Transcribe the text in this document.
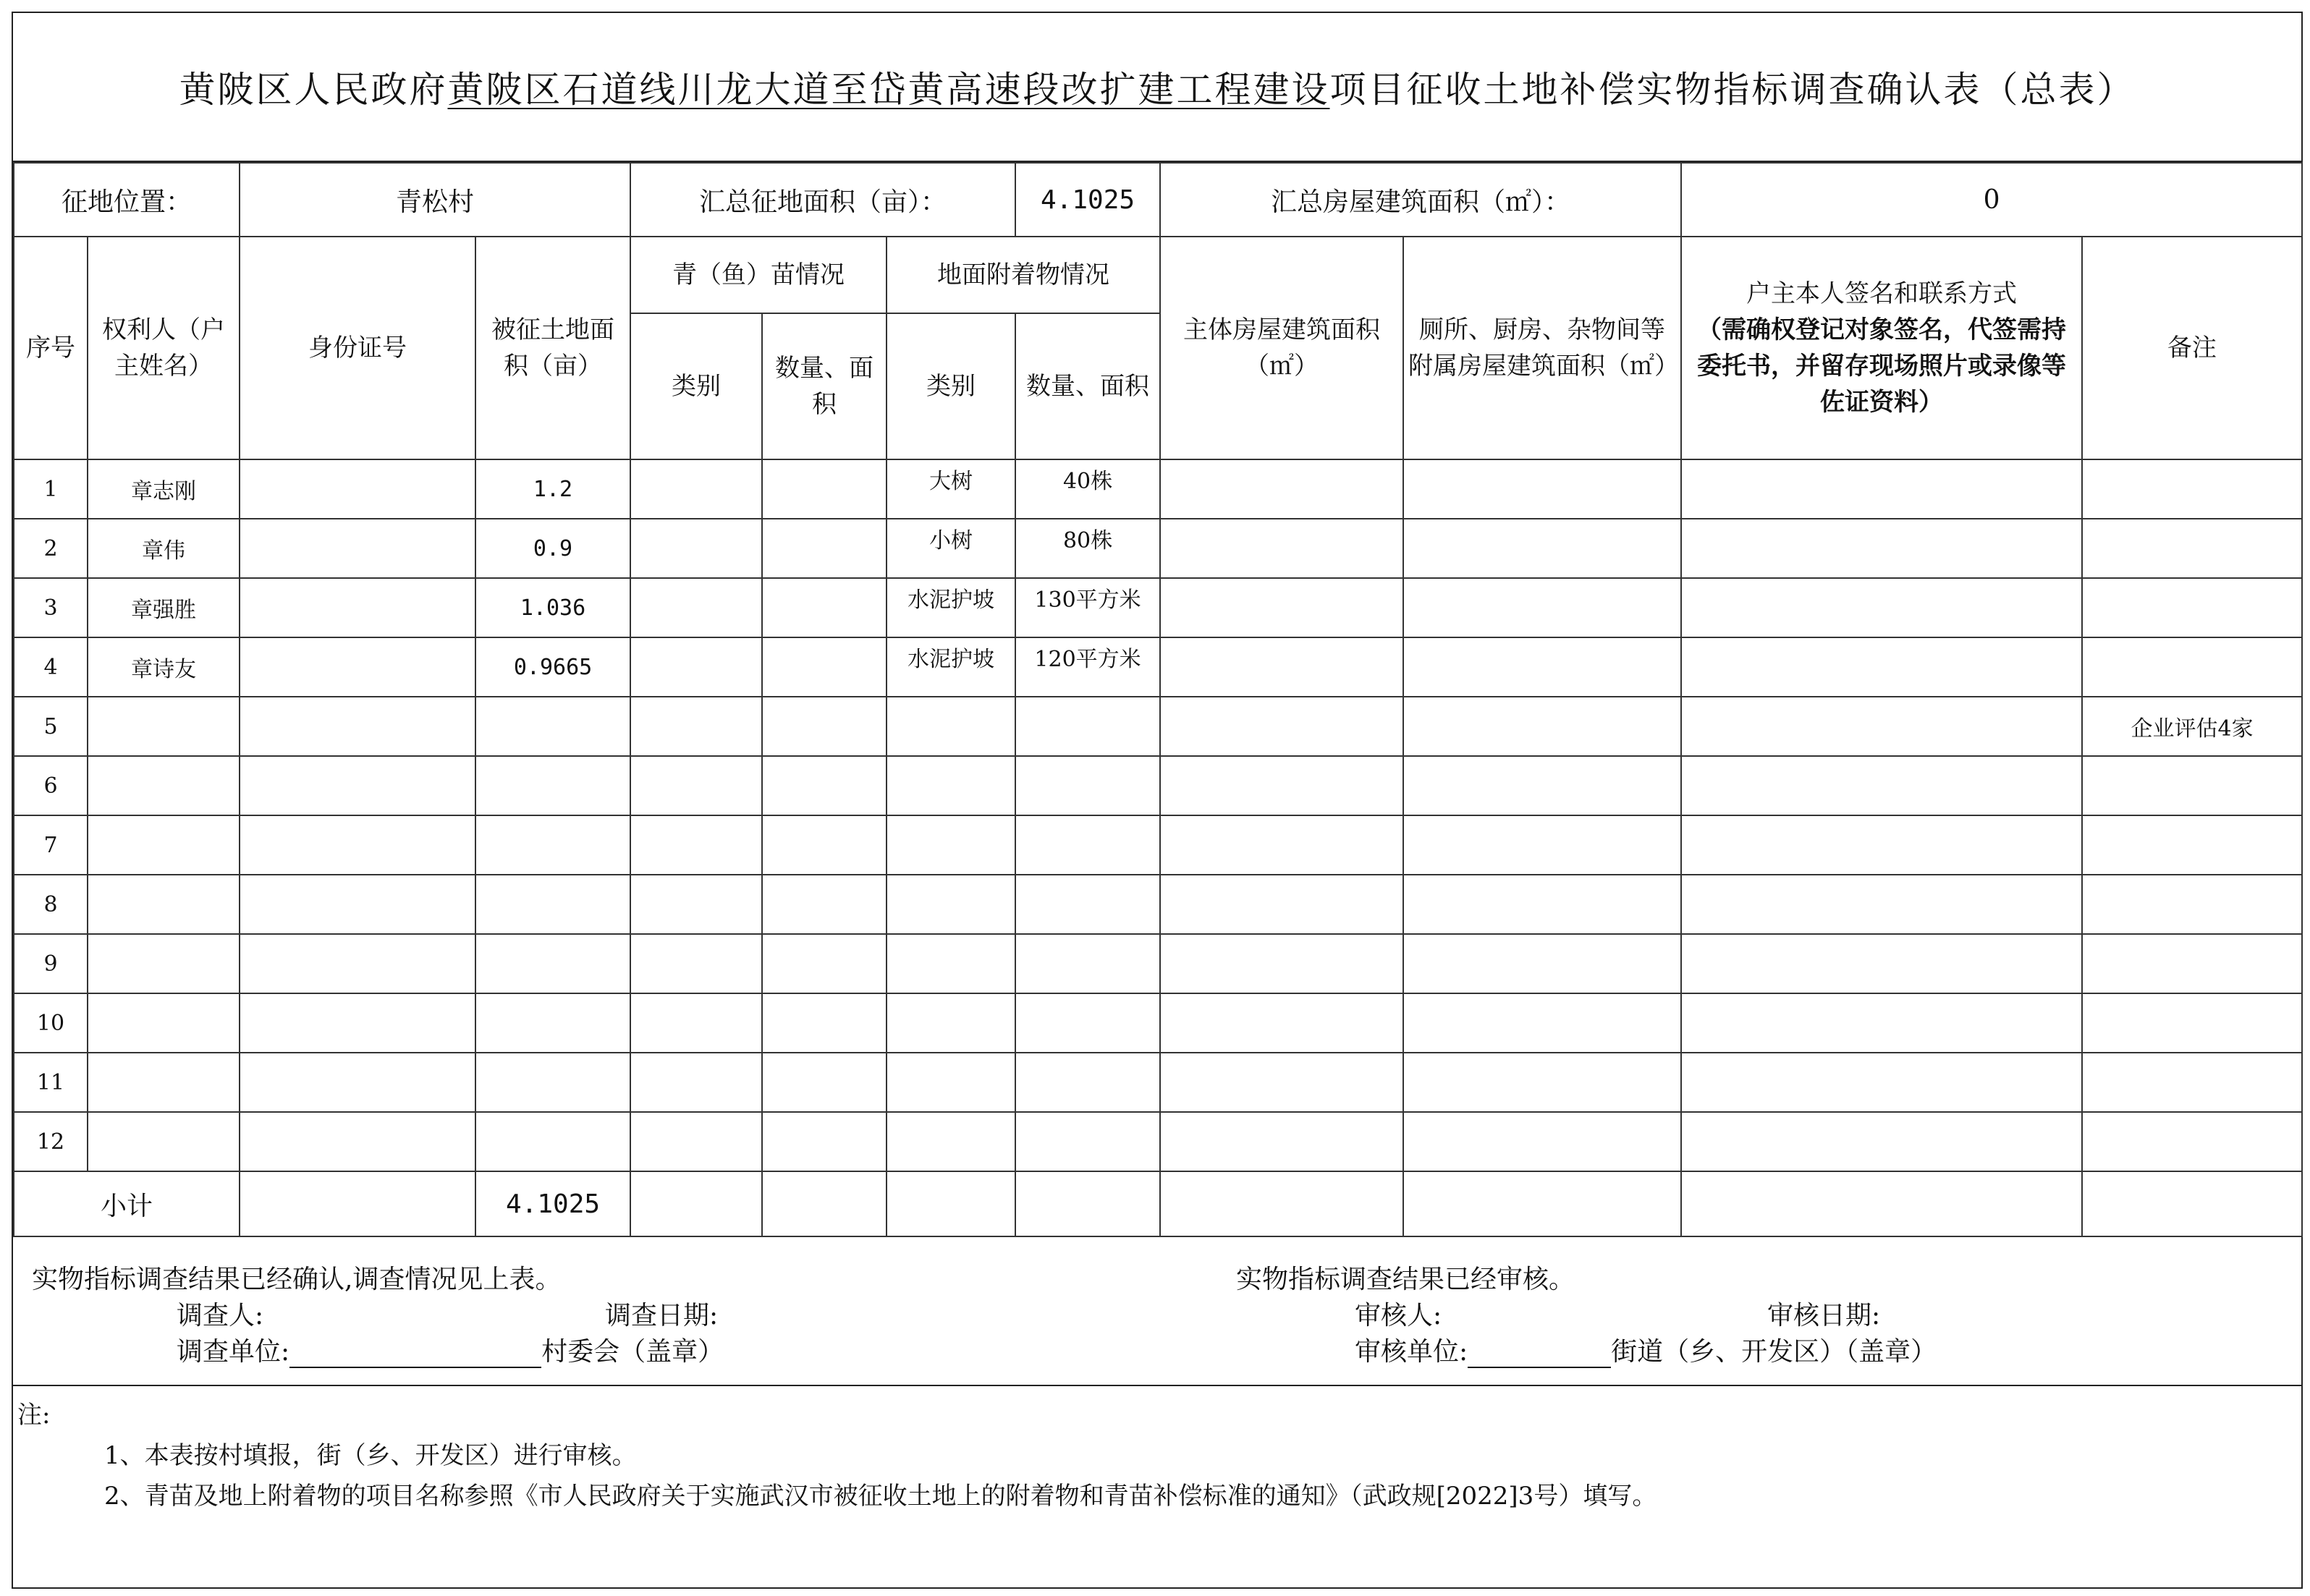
黄陂区人民政府黄陂区石道线川龙大道至岱黄高速段改扩建工程建设项目征收土地补偿实物指标调查确认表（总表）
征地位置：		青松村		汇总征地面积（亩）：			4.1025	汇总房屋建筑面积（㎡）：		0	
序号	权利人（户主姓名）	身份证号	被征土地面积（亩）	青（鱼）苗情况		地面附着物情况		主体房屋建筑面积（㎡）	厕所、厨房、杂物间等附属房屋建筑面积（㎡）	户主本人签名和联系方式
（需确权登记对象签名，代签需持委托书，并留存现场照片或录像等佐证资料）	备注
				类别	数量、面积	类别	数量、面积				
1	章志刚		1.2			大树	40株				
2	章伟		0.9			小树	80株				
3	章强胜		1.036			水泥护坡	130平方米				
4	章诗友		0.9665			水泥护坡	120平方米				
5											企业评估4家
6											
7											
8											
9											
10											
11											
12											
小计			4.1025								
实物指标调查结果已经确认,调查情况见上表。
调查人:	调查日期:
调查单位:	村委会（盖章）
实物指标调查结果已经审核。
审核人:	审核日期:
审核单位:	街道（乡、开发区）（盖章）
注:
1、本表按村填报，街（乡、开发区）进行审核。
2、青苗及地上附着物的项目名称参照《市人民政府关于实施武汉市被征收土地上的附着物和青苗补偿标准的通知》（武政规[2022]3号）填写。
